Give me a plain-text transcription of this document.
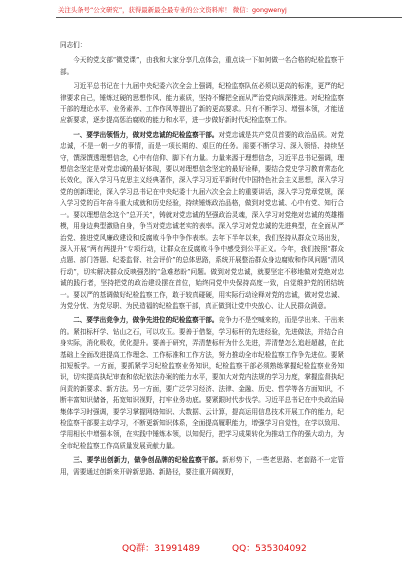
关注头条号“公文研究”，获得最新最全最专业的公文资料库！ 微信：gongwenyj

同志们：

今天的党支部“微党课”，由我和大家分享几点体会，重点谈一下如何做一名合格的纪检监察干部。

习近平总书记在十九届中央纪委六次全会上强调，纪检监察队伍必须以更高的标准，更严的纪律要求自己，锤炼过硬的思想作风、能力素质，坚持不懈把全面从严治党向纵深推进。对纪检监察干部的理论水平、业务素养、工作作风等提出了新的更高要求。只有不断学习、增强本领，才能适应新要求，逐步提高惩治腐败的能力和水平，进一步做好新时代纪检监察工作。

一、要学出领悟力，做对党忠诚的纪检监察干部。对党忠诚是共产党员首要的政治品质。对党忠诚，不是一朝一夕的事情，而是一项长期的、艰巨的任务。需要不断学习、深入领悟、持续坚守，馔深馔透理想信念，心中有信仰、脚下有力量。力量来源于理想信念，习近平总书记强调，理想信念坚定是对党忠诚的最好体现，要以对理想信念坚定的最好诠释，要结合党史学习教育常态化长效化，深入学习马克思主义经典著作，深入学习习近平新时代中国特色社会主义思想，深入学习党的创新理论，深入学习总书记在中央纪委十九届六次全会上的重要讲话，深入学习党章党规，深入学习党的百年奋斗重大成就和历史经验，持续锤炼政治品格，做到对党忠诚、心中有党、知行合一。要以理想信念这个“总开关”，铸就对党忠诚的坚强政治灵魂，深入学习对党绝对忠诚的英雄楷模，用身边典型激励自身，争当对党忠诚老实的表率。深入学习对党忠诚的先进典型，在全面从严治党、推进党风廉政建设和反腐败斗争中争作表率。去年下半年以来，我们坚持从群众立场出发，深入开展“两有两提升”专项行动，让群众在反腐败斗争中感受到公平正义。今年，我们按照“群众点题、部门答题、纪委监督、社会评价”的总体思路，系统开展整治群众身边腐败和作风问题“清风行动”，切实解决群众反映强烈的“急难愁盼”问题。做到对党忠诚，就要坚定不移地做对党绝对忠诚的践行者，坚持把党的政治建设摆在首位，始终同党中央保持高度一致，自觉维护党的团结统一。要以严的基调做好纪检监察工作，敢于较真碰硬，用实际行动诠释对党的忠诚，做对党忠诚、为党分忧、为党尽职、为民造福的纪检监察干部，真正做到让党中央放心、让人民群众满意。

二、要学出竞争力，做争先进位的纪检监察干部。竞争力不是空喊来的，而是学出来、干出来的。紧扣标杆学、钻山之石，可以攻玉。要善于借鉴，学习标杆的先进经验，先进做法，并结合自身实际，消化吸收，优化提升。要善于研究，弄清楚标杆为什么先进，弄清楚怎么追赶超越，在此基础上全面改进提高工作理念、工作标准和工作方法，努力推动全市纪检监察工作争先进位。要紧扣短板学。一方面，要抓紧学习纪检监察业务知识，纪检监察干部必须熟练掌握纪检监察业务知识，切实提高执纪审查和依纪依法办案的能力水平，要加大对党内法规的学习力度，掌握监督执纪问责的新要求、新方法。另一方面，要广泛学习经济、法律、金融、历史、哲学等各方面知识，不断丰富知识储备，拓宽知识视野，打牢业务功底。要紧跟时代步伐学。习近平总书记在中央政治局集体学习时强调，要学习掌握网络知识、大数据、云计算，提高运用信息技术开展工作的能力，纪检监察干部要主动学习，不断更新知识体系，全面提高履职能力，增强学习自觉性，在学以致用、学用相长中增强本领，在实践中锤炼本领，以知促行，把学习成果转化为推动工作的强大动力，为全市纪检监察工作高质量发展贡献力量。

三、要学出创新力，做争创品牌的纪检监察干部。新形势下，一些老思路、老套路不一定管用，需要通过创新来开辟新思路、新路径，要注重开阔视野，

QQ群：31991489	QQ：535304092
